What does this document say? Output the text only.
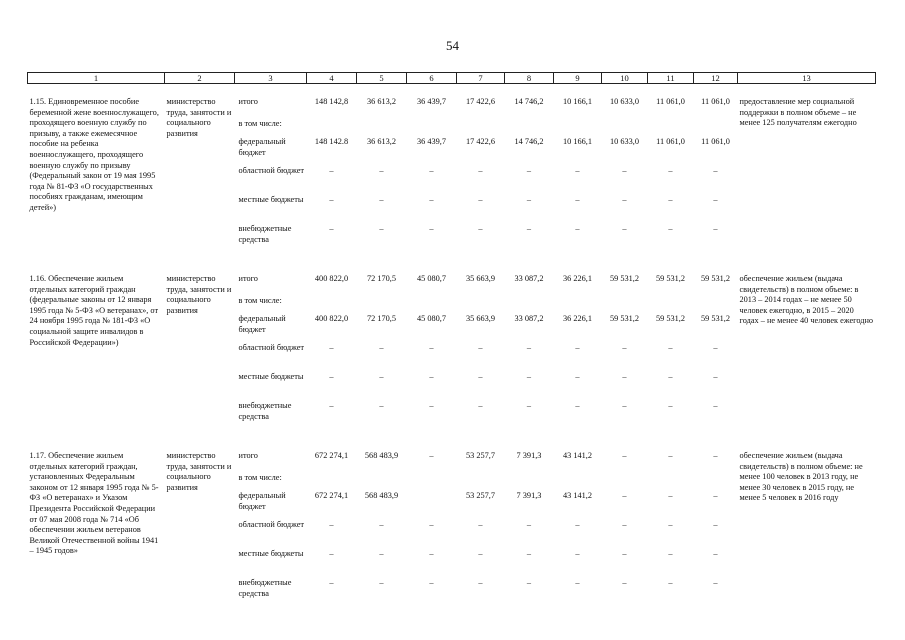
54
1	2	3	4	5	6	7	8	9	10	11	12	13

1.15. Единовременное пособие беременной жене военнослужащего, проходящего военную службу по призыву, а также ежемесячное пособие на ребенка военнослужащего, проходящего военную службу по призыву (Федеральный закон от 19 мая 1995 года № 81-ФЗ «О государственных пособиях гражданам, имеющим детей»)	министерство труда, занятости и социального развития	итого	148 142,8	36 613,2	36 439,7	17 422,6	14 746,2	10 166,1	10 633,0	11 061,0	11 061,0	предоставление мер социальной поддержки в полном объеме – не менее 125 получателям ежегодно
		в том числе:										
		федеральный бюджет	148 142.8	36 613,2	36 439,7	17 422,6	14 746,2	10 166,1	10 633,0	11 061,0	11 061,0	
		областной бюджет	–	–	–	–	–	–	–	–	–	
		местные бюджеты	–	–	–	–	–	–	–	–	–	
		внебюджетные средства	–	–	–	–	–	–	–	–	–	

1.16. Обеспечение жильем отдельных категорий граждан (федеральные законы от 12 января 1995 года № 5-ФЗ «О ветеранах», от 24 ноября 1995 года № 181-ФЗ «О социальной защите инвалидов в Российской Федерации»)	министерство труда, занятости и социального развития	итого	400 822,0	72 170,5	45 080,7	35 663,9	33 087,2	36 226,1	59 531,2	59 531,2	59 531,2	обеспечение жильем (выдача свидетельств) в полном объеме: в 2013 – 2014 годах – не менее 50 человек ежегодно, в 2015 – 2020 годах – не менее 40 человек ежегодно
		в том числе:										
		федеральный бюджет	400 822,0	72 170,5	45 080,7	35 663,9	33 087,2	36 226,1	59 531,2	59 531,2	59 531,2	
		областной бюджет	–	–	–	–	–	–	–	–	–	
		местные бюджеты	–	–	–	–	–	–	–	–	–	
		внебюджетные средства	–	–	–	–	–	–	–	–	–	

1.17. Обеспечение жильем отдельных категорий граждан, установленных Федеральным законом от 12 января 1995 года № 5-ФЗ «О ветеранах» и Указом Президента Российской Федерации от 07 мая 2008 года № 714 «Об обеспечении жильем ветеранов Великой Отечественной войны 1941 – 1945 годов»	министерство труда, занятости и социального развития	итого	672 274,1	568 483,9	–	53 257,7	7 391,3	43 141,2	–	–	–	обеспечение жильем (выдача свидетельств) в полном объеме: не менее 100 человек в 2013 году, не менее 30 человек в 2015 году, не менее 5 человек в 2016 году
		в том числе:										
		федеральный бюджет	672 274,1	568 483,9		53 257,7	7 391,3	43 141,2	–	–	–	
		областной бюджет	–	–	–	–	–	–	–	–	–	
		местные бюджеты	–	–	–	–	–	–	–	–	–	
		внебюджетные средства	–	–	–	–	–	–	–	–	–	
